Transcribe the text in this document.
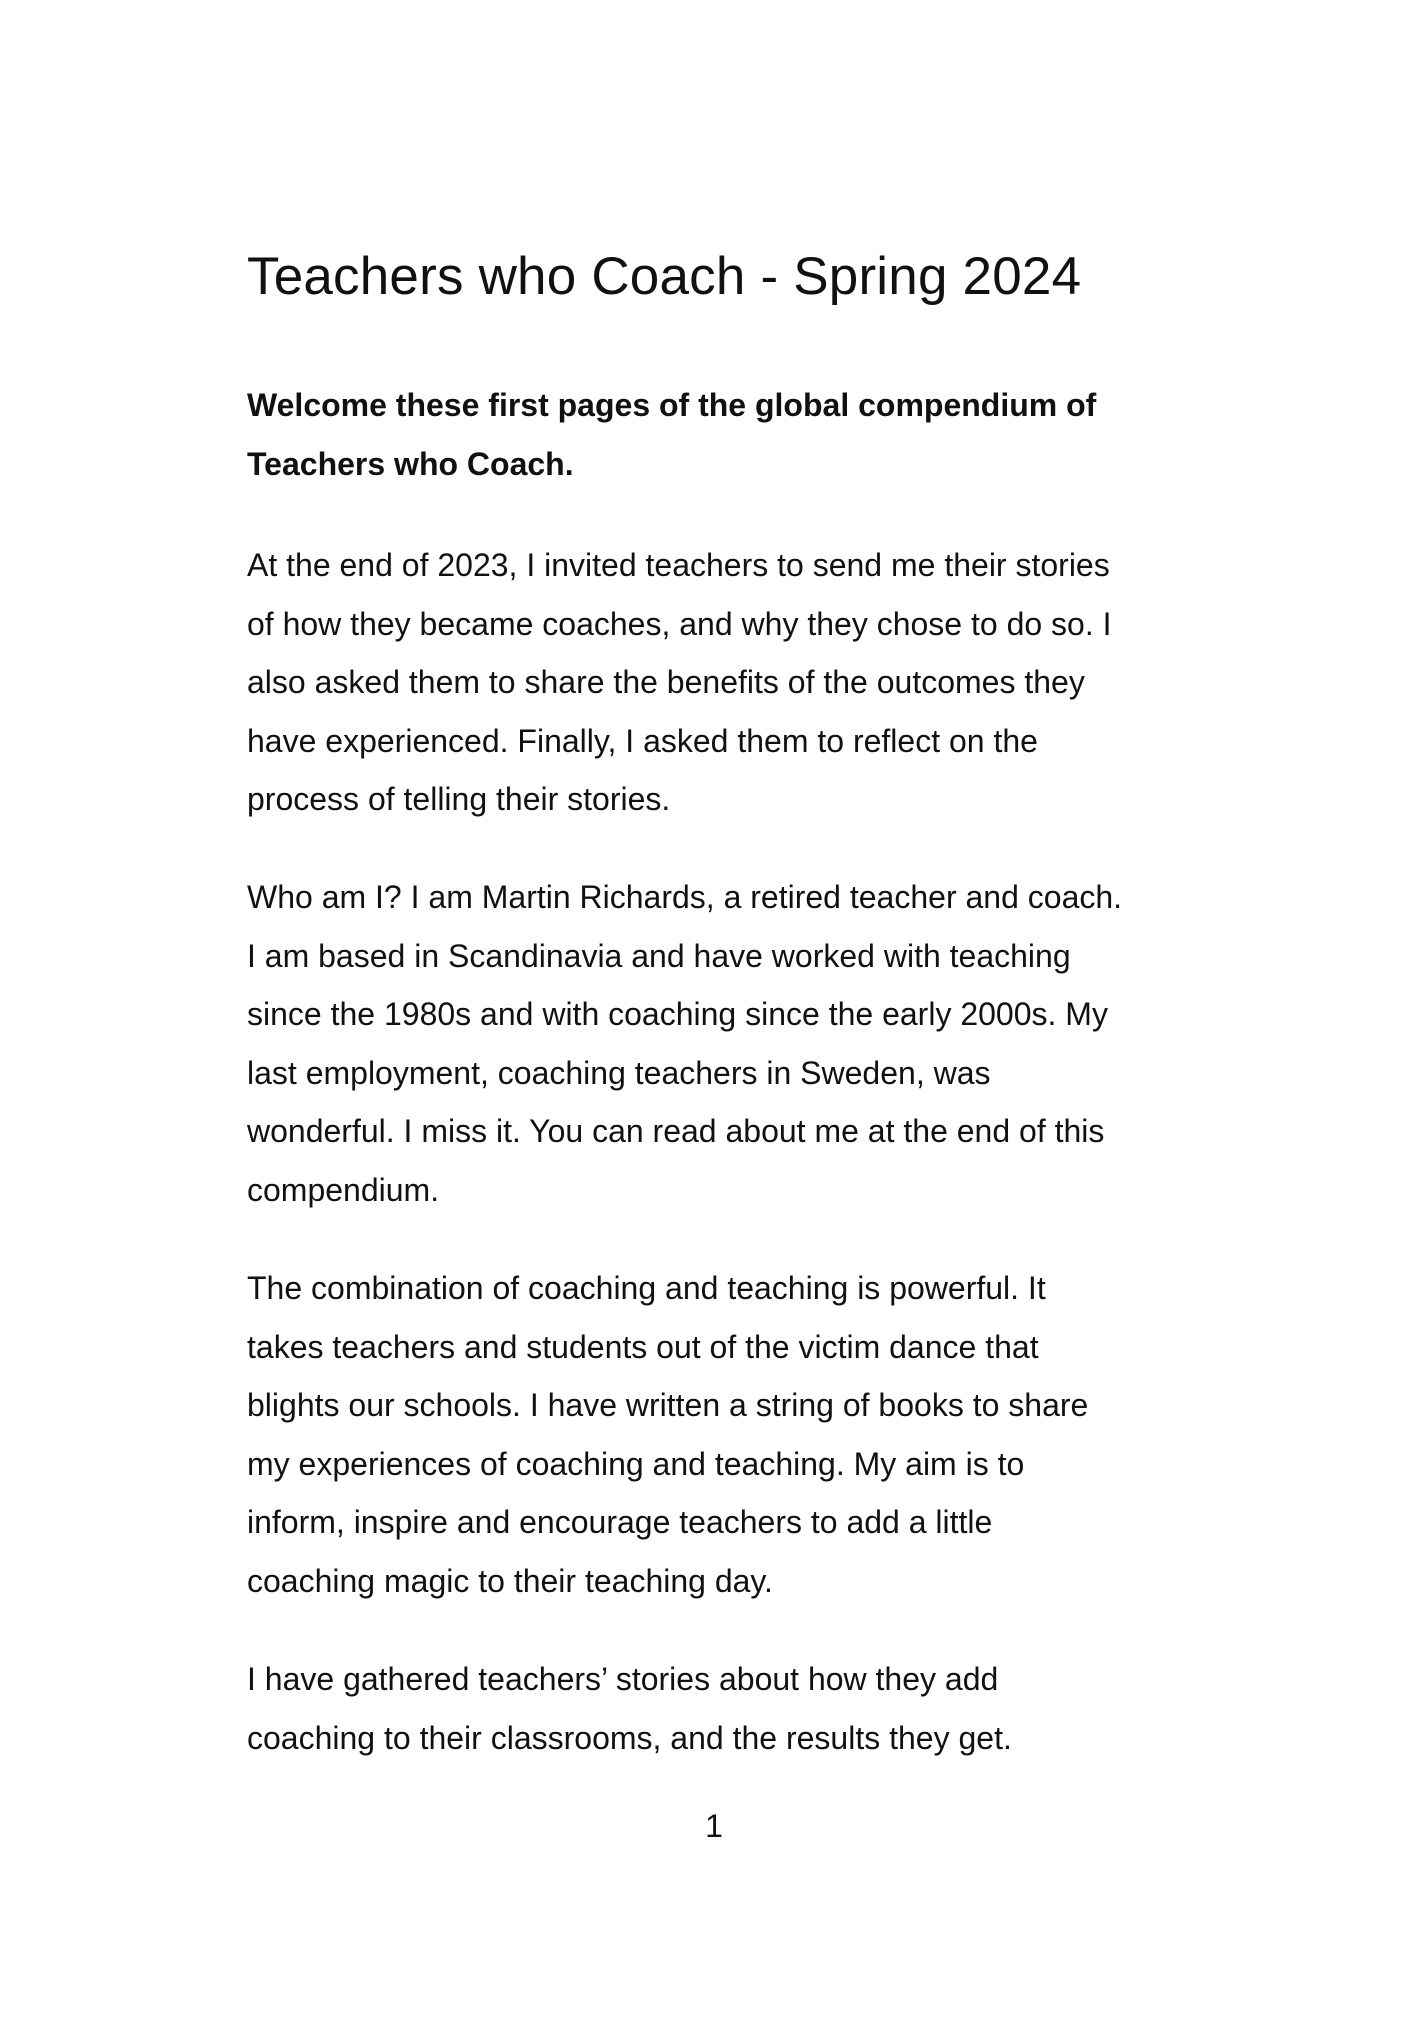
Teachers who Coach - Spring 2024

Welcome these first pages of the global compendium of
Teachers who Coach.

At the end of 2023, I invited teachers to send me their stories
of how they became coaches, and why they chose to do so. I
also asked them to share the benefits of the outcomes they
have experienced. Finally, I asked them to reflect on the
process of telling their stories.

Who am I? I am Martin Richards, a retired teacher and coach.
I am based in Scandinavia and have worked with teaching
since the 1980s and with coaching since the early 2000s. My
last employment, coaching teachers in Sweden, was
wonderful. I miss it. You can read about me at the end of this
compendium.

The combination of coaching and teaching is powerful. It
takes teachers and students out of the victim dance that
blights our schools. I have written a string of books to share
my experiences of coaching and teaching. My aim is to
inform, inspire and encourage teachers to add a little
coaching magic to their teaching day.

I have gathered teachers’ stories about how they add
coaching to their classrooms, and the results they get.

1
